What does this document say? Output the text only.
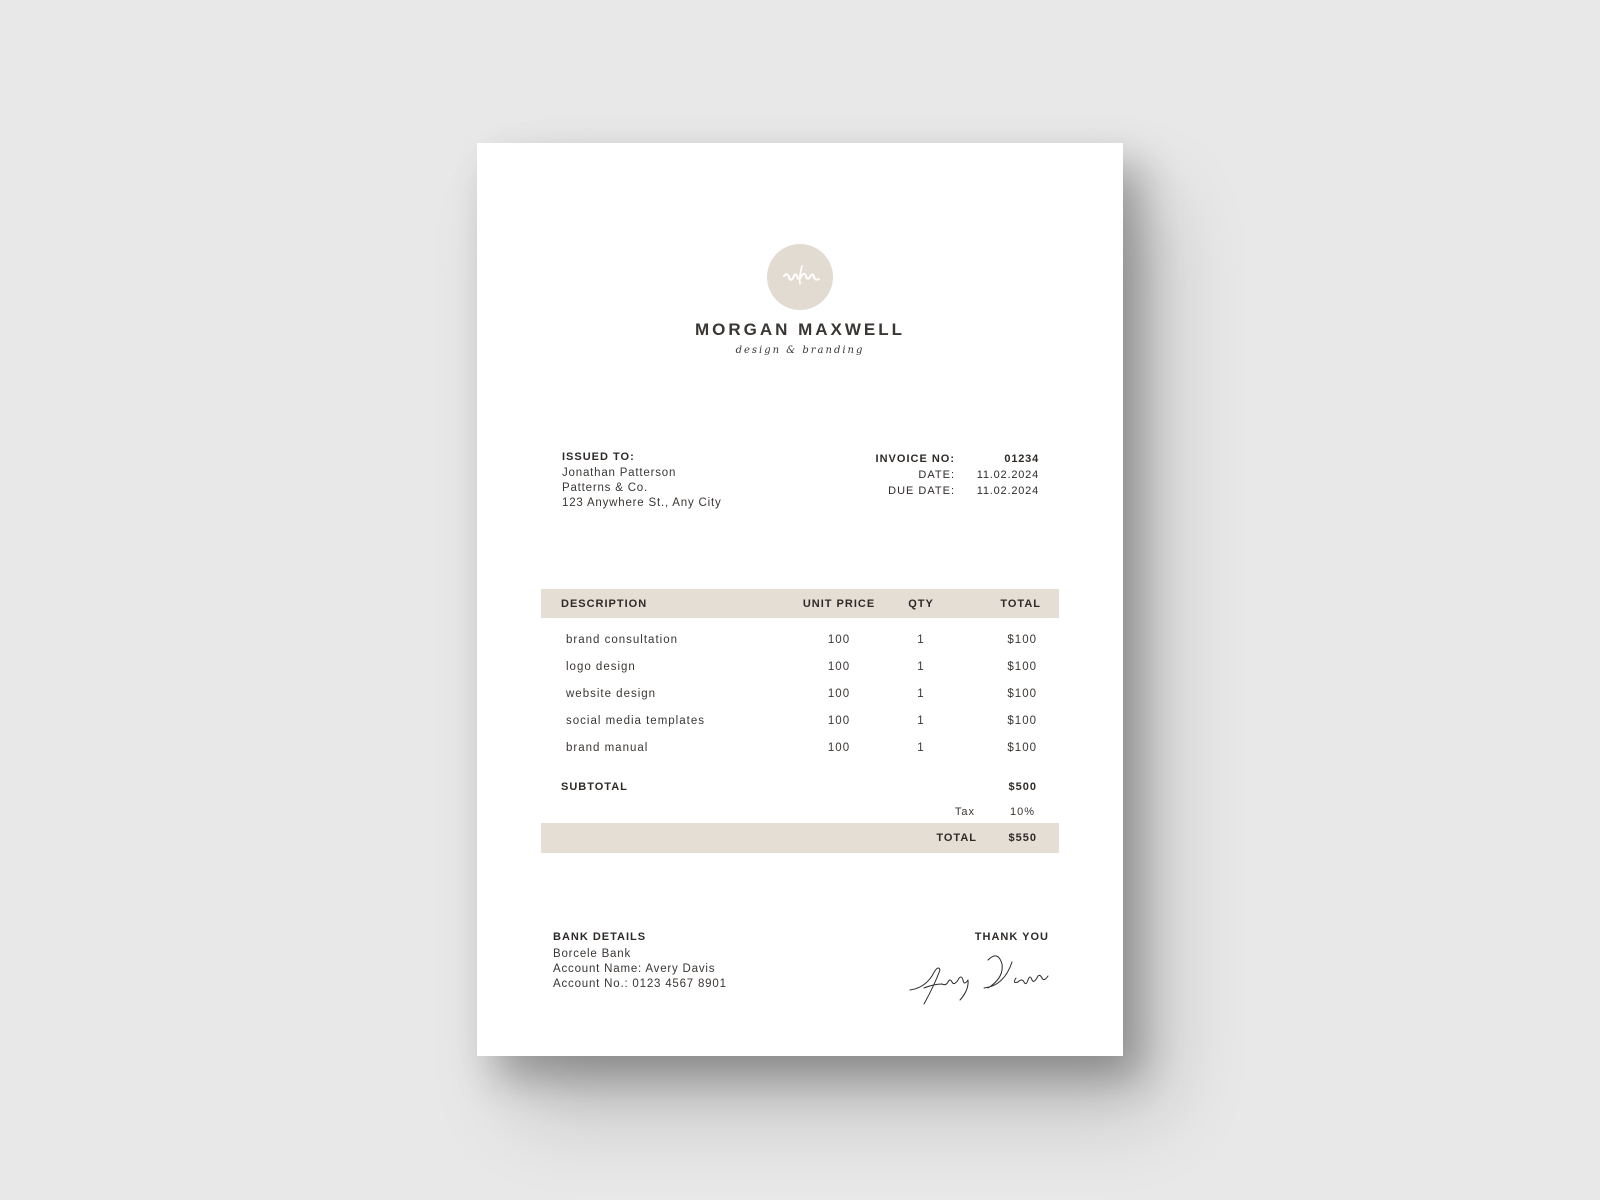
MORGAN MAXWELL
design & branding
ISSUED TO:
Jonathan Patterson
Patterns & Co.
123 Anywhere St., Any City
INVOICE NO:	01234
DATE:	11.02.2024
DUE DATE:	11.02.2024
DESCRIPTION	UNIT PRICE	QTY	TOTAL
brand consultation	100	1	$100
logo design	100	1	$100
website design	100	1	$100
social media templates	100	1	$100
brand manual	100	1	$100
SUBTOTAL	$500
Tax	10%
TOTAL	$550
BANK DETAILS
Borcele Bank
Account Name: Avery Davis
Account No.: 0123 4567 8901
THANK YOU
